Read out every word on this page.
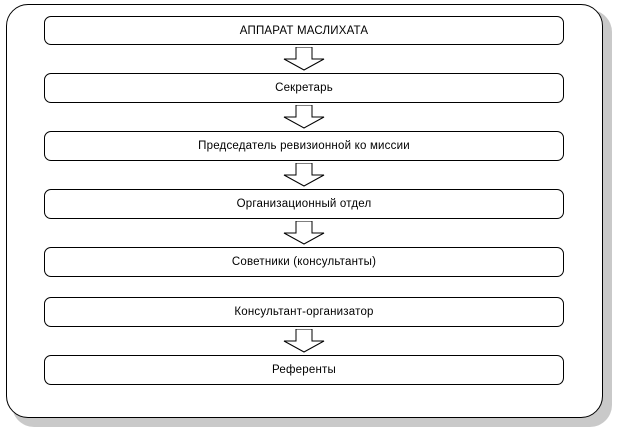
АППАРАТ МАСЛИХАТА
Секретарь
Председатель ревизионной ко миссии
Организационный отдел
Советники (консультанты)
Консультант-организатор
Референты
